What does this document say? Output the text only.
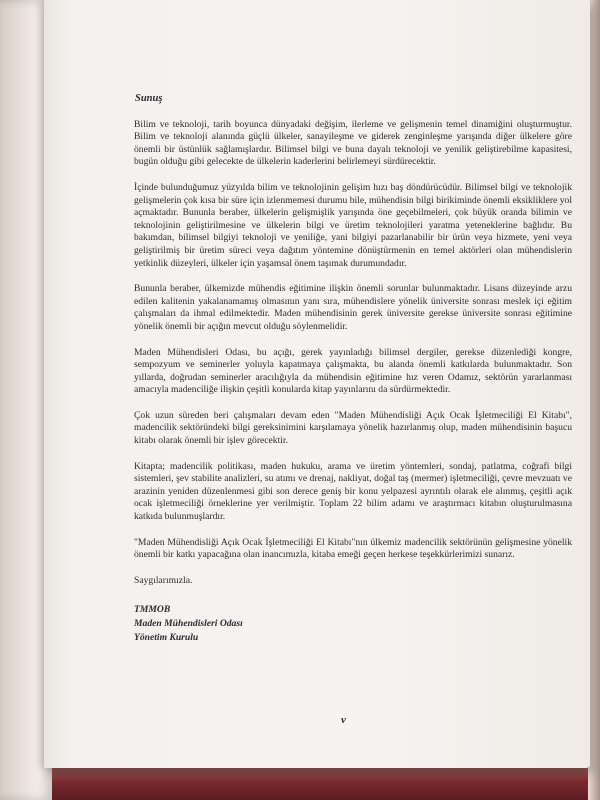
Sunuş

Bilim ve teknoloji, tarih boyunca dünyadaki değişim, ilerleme ve gelişmenin temel dinamiğini oluşturmuştur. Bilim ve teknoloji alanında güçlü ülkeler, sanayileşme ve giderek zenginleşme yarışında diğer ülkelere göre önemli bir üstünlük sağlamışlardır. Bilimsel bilgi ve buna dayalı teknoloji ve yenilik geliştirebilme kapasitesi, bugün olduğu gibi gelecekte de ülkelerin kaderlerini belirlemeyi sürdürecektir.

İçinde bulunduğumuz yüzyılda bilim ve teknolojinin gelişim hızı baş döndürücüdür. Bilimsel bilgi ve teknolojik gelişmelerin çok kısa bir süre için izlenmemesi durumu bile, mühendisin bilgi birikiminde önemli eksikliklere yol açmaktadır. Bununla beraber, ülkelerin gelişmişlik yarışında öne geçebilmeleri, çok büyük oranda bilimin ve teknolojinin geliştirilmesine ve ülkelerin bilgi ve üretim teknolojileri yaratma yeteneklerine bağlıdır. Bu bakımdan, bilimsel bilgiyi teknoloji ve yeniliğe, yani bilgiyi pazarlanabilir bir ürün veya hizmete, yeni veya geliştirilmiş bir üretim süreci veya dağıtım yöntemine dönüştürmenin en temel aktörleri olan mühendislerin yetkinlik düzeyleri, ülkeler için yaşamsal önem taşımak durumundadır.

Bununla beraber, ülkemizde mühendis eğitimine ilişkin önemli sorunlar bulunmaktadır. Lisans düzeyinde arzu edilen kalitenin yakalanamamış olmasının yanı sıra, mühendislere yönelik üniversite sonrası meslek içi eğitim çalışmaları da ihmal edilmektedir. Maden mühendisinin gerek üniversite gerekse üniversite sonrası eğitimine yönelik önemli bir açığın mevcut olduğu söylenmelidir.

Maden Mühendisleri Odası, bu açığı, gerek yayınladığı bilimsel dergiler, gerekse düzenlediği kongre, sempozyum ve seminerler yoluyla kapatmaya çalışmakta, bu alanda önemli katkılarda bulunmaktadır. Son yıllarda, doğrudan seminerler aracılığıyla da mühendisin eğitimine hız veren Odamız, sektörün yararlanması amacıyla madenciliğe ilişkin çeşitli konularda kitap yayınlarını da sürdürmektedir.

Çok uzun süreden beri çalışmaları devam eden "Maden Mühendisliği Açık Ocak İşletmeciliği El Kitabı", madencilik sektöründeki bilgi gereksinimini karşılamaya yönelik hazırlanmış olup, maden mühendisinin başucu kitabı olarak önemli bir işlev görecektir.

Kitapta; madencilik politikası, maden hukuku, arama ve üretim yöntemleri, sondaj, patlatma, coğrafi bilgi sistemleri, şev stabilite analizleri, su atımı ve drenaj, nakliyat, doğal taş (mermer) işletmeciliği, çevre mevzuatı ve arazinin yeniden düzenlenmesi gibi son derece geniş bir konu yelpazesi ayrıntılı olarak ele alınmış, çeşitli açık ocak işletmeciliği örneklerine yer verilmiştir. Toplam 22 bilim adamı ve araştırmacı kitabın oluşturulmasına katkıda bulunmuşlardır.

"Maden Mühendisliği Açık Ocak İşletmeciliği El Kitabı"nın ülkemiz madencilik sektörünün gelişmesine yönelik önemli bir katkı yapacağına olan inancımızla, kitaba emeği geçen herkese teşekkürlerimizi sunarız.

Saygılarımızla.

TMMOB

Maden Mühendisleri Odası

Yönetim Kurulu

v
